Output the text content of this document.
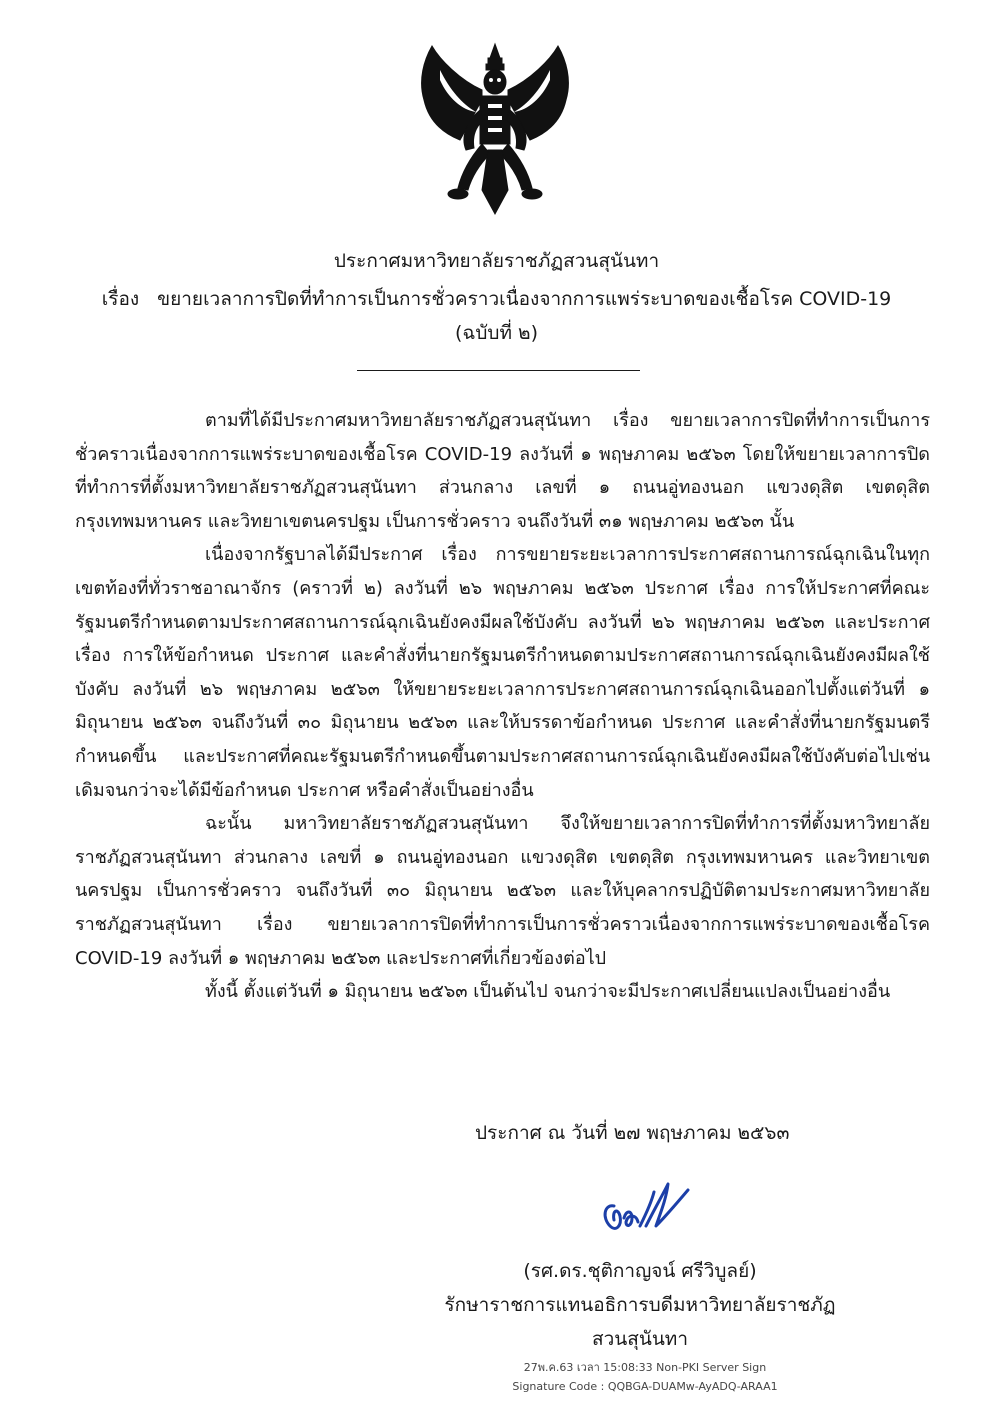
ประกาศมหาวิทยาลัยราชภัฏสวนสุนันทา
เรื่อง ขยายเวลาการปิดที่ทำการเป็นการชั่วคราวเนื่องจากการแพร่ระบาดของเชื้อโรค COVID-19
(ฉบับที่ ๒)

ตามที่ได้มีประกาศมหาวิทยาลัยราชภัฏสวนสุนันทา เรื่อง ขยายเวลาการปิดที่ทำการเป็นการชั่วคราวเนื่องจากการแพร่ระบาดของเชื้อโรค COVID-19 ลงวันที่ ๑ พฤษภาคม ๒๕๖๓ โดยให้ขยายเวลาการปิดที่ทำการที่ตั้งมหาวิทยาลัยราชภัฏสวนสุนันทา ส่วนกลาง เลขที่ ๑ ถนนอู่ทองนอก แขวงดุสิต เขตดุสิต กรุงเทพมหานคร และวิทยาเขตนครปฐม เป็นการชั่วคราว จนถึงวันที่ ๓๑ พฤษภาคม ๒๕๖๓ นั้น

เนื่องจากรัฐบาลได้มีประกาศ เรื่อง การขยายระยะเวลาการประกาศสถานการณ์ฉุกเฉินในทุกเขตท้องที่ทั่วราชอาณาจักร (คราวที่ ๒) ลงวันที่ ๒๖ พฤษภาคม ๒๕๖๓ ประกาศ เรื่อง การให้ประกาศที่คณะรัฐมนตรีกำหนดตามประกาศสถานการณ์ฉุกเฉินยังคงมีผลใช้บังคับ ลงวันที่ ๒๖ พฤษภาคม ๒๕๖๓ และประกาศ เรื่อง การให้ข้อกำหนด ประกาศ และคำสั่งที่นายกรัฐมนตรีกำหนดตามประกาศสถานการณ์ฉุกเฉินยังคงมีผลใช้บังคับ ลงวันที่ ๒๖ พฤษภาคม ๒๕๖๓ ให้ขยายระยะเวลาการประกาศสถานการณ์ฉุกเฉินออกไปตั้งแต่วันที่ ๑ มิถุนายน ๒๕๖๓ จนถึงวันที่ ๓๐ มิถุนายน ๒๕๖๓ และให้บรรดาข้อกำหนด ประกาศ และคำสั่งที่นายกรัฐมนตรีกำหนดขึ้น และประกาศที่คณะรัฐมนตรีกำหนดขึ้นตามประกาศสถานการณ์ฉุกเฉินยังคงมีผลใช้บังคับต่อไปเช่นเดิมจนกว่าจะได้มีข้อกำหนด ประกาศ หรือคำสั่งเป็นอย่างอื่น

ฉะนั้น มหาวิทยาลัยราชภัฏสวนสุนันทา จึงให้ขยายเวลาการปิดที่ทำการที่ตั้งมหาวิทยาลัยราชภัฏสวนสุนันทา ส่วนกลาง เลขที่ ๑ ถนนอู่ทองนอก แขวงดุสิต เขตดุสิต กรุงเทพมหานคร และวิทยาเขตนครปฐม เป็นการชั่วคราว จนถึงวันที่ ๓๐ มิถุนายน ๒๕๖๓ และให้บุคลากรปฏิบัติตามประกาศมหาวิทยาลัยราชภัฏสวนสุนันทา เรื่อง ขยายเวลาการปิดที่ทำการเป็นการชั่วคราวเนื่องจากการแพร่ระบาดของเชื้อโรค COVID-19 ลงวันที่ ๑ พฤษภาคม ๒๕๖๓ และประกาศที่เกี่ยวข้องต่อไป

ทั้งนี้ ตั้งแต่วันที่ ๑ มิถุนายน ๒๕๖๓ เป็นต้นไป จนกว่าจะมีประกาศเปลี่ยนแปลงเป็นอย่างอื่น

ประกาศ ณ วันที่ ๒๗ พฤษภาคม ๒๕๖๓
(รศ.ดร.ชุติกาญจน์ ศรีวิบูลย์)
รักษาราชการแทนอธิการบดีมหาวิทยาลัยราชภัฏ
สวนสุนันทา
27พ.ค.63 เวลา 15:08:33 Non-PKI Server Sign
Signature Code : QQBGA-DUAMw-AyADQ-ARAA1
